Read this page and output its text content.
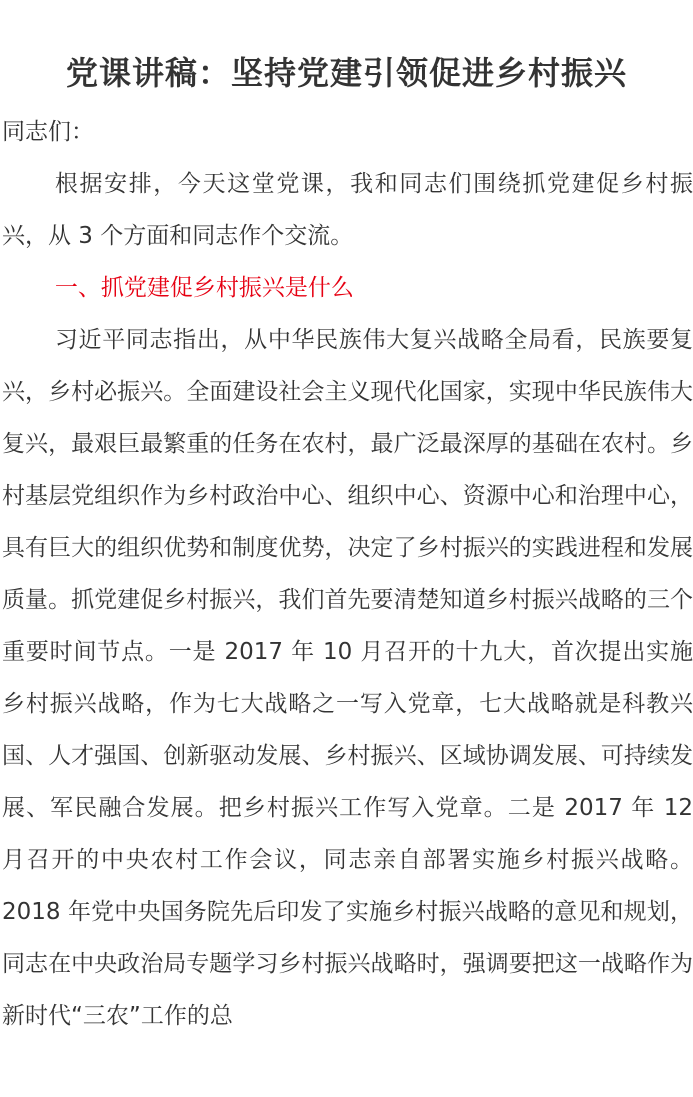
党课讲稿：坚持党建引领促进乡村振兴

同志们：

根据安排，今天这堂党课，我和同志们围绕抓党建促乡村振兴，从 3 个方面和同志作个交流。

一、抓党建促乡村振兴是什么

习近平同志指出，从中华民族伟大复兴战略全局看，民族要复兴，乡村必振兴。全面建设社会主义现代化国家，实现中华民族伟大复兴，最艰巨最繁重的任务在农村，最广泛最深厚的基础在农村。乡村基层党组织作为乡村政治中心、组织中心、资源中心和治理中心，具有巨大的组织优势和制度优势，决定了乡村振兴的实践进程和发展质量。抓党建促乡村振兴，我们首先要清楚知道乡村振兴战略的三个重要时间节点。一是 2017 年 10 月召开的十九大，首次提出实施乡村振兴战略，作为七大战略之一写入党章，七大战略就是科教兴国、人才强国、创新驱动发展、乡村振兴、区域协调发展、可持续发展、军民融合发展。把乡村振兴工作写入党章。二是 2017 年 12 月召开的中央农村工作会议，同志亲自部署实施乡村振兴战略。2018 年党中央国务院先后印发了实施乡村振兴战略的意见和规划，同志在中央政治局专题学习乡村振兴战略时，强调要把这一战略作为新时代“三农”工作的总
